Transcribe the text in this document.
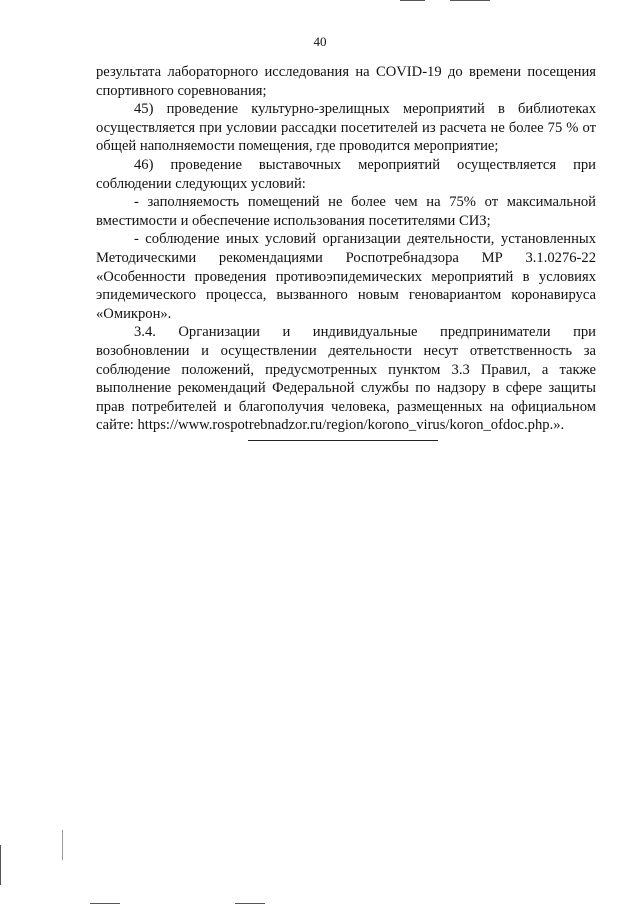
40

результата лабораторного исследования на COVID-19 до времени посещения спортивного соревнования;

45) проведение культурно-зрелищных мероприятий в библиотеках осуществляется при условии рассадки посетителей из расчета не более 75 % от общей наполняемости помещения, где проводится мероприятие;

46) проведение выставочных мероприятий осуществляется при соблюдении следующих условий:

- заполняемость помещений не более чем на 75% от максимальной вместимости и обеспечение использования посетителями СИЗ;

- соблюдение иных условий организации деятельности, установленных Методическими рекомендациями Роспотребнадзора МР 3.1.0276-22 «Особенности проведения противоэпидемических мероприятий в условиях эпидемического процесса, вызванного новым геновариантом коронавируса «Омикрон».

3.4. Организации и индивидуальные предприниматели при возобновлении и осуществлении деятельности несут ответственность за соблюдение положений, предусмотренных пунктом 3.3 Правил, а также выполнение рекомендаций Федеральной службы по надзору в сфере защиты прав потребителей и благополучия человека, размещенных на официальном сайте: https://www.rospotrebnadzor.ru/region/korono_virus/koron_ofdoc.php.».
